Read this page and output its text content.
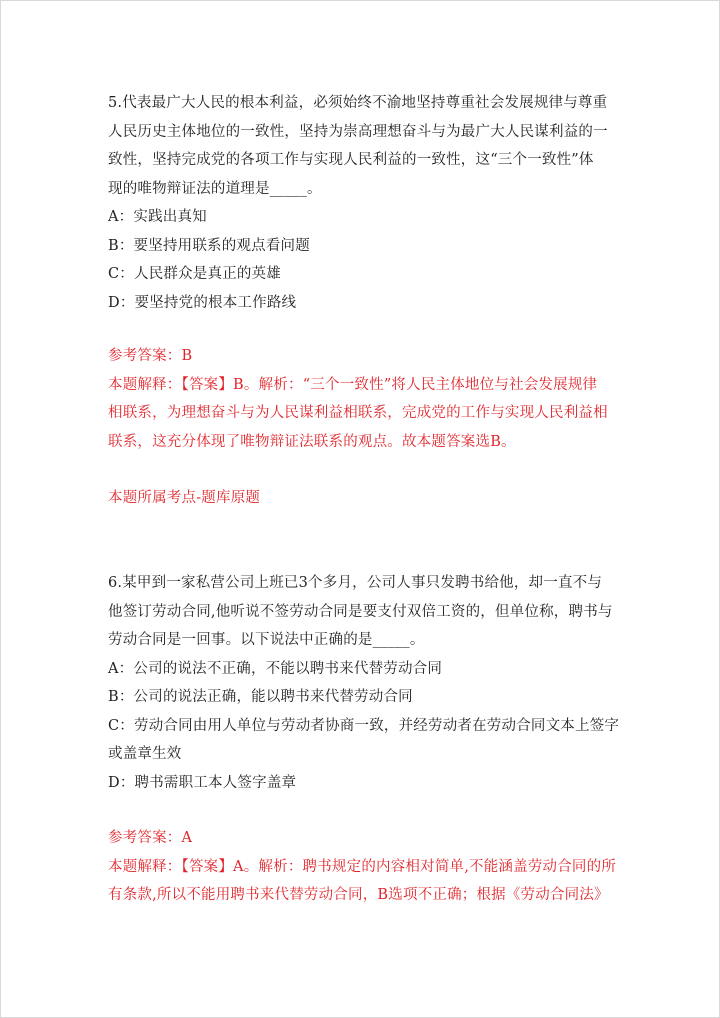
5.代表最广大人民的根本利益，必须始终不渝地坚持尊重社会发展规律与尊重
人民历史主体地位的一致性，坚持为崇高理想奋斗与为最广大人民谋利益的一
致性，坚持完成党的各项工作与实现人民利益的一致性，这“三个一致性”体
现的唯物辩证法的道理是_____。
A：实践出真知
B：要坚持用联系的观点看问题
C：人民群众是真正的英雄
D：要坚持党的根本工作路线
参考答案：B
本题解释：【答案】B。解析：“三个一致性”将人民主体地位与社会发展规律
相联系，为理想奋斗与为人民谋利益相联系，完成党的工作与实现人民利益相
联系，这充分体现了唯物辩证法联系的观点。故本题答案选B。
本题所属考点-题库原题
6.某甲到一家私营公司上班已3个多月，公司人事只发聘书给他，却一直不与
他签订劳动合同,他听说不签劳动合同是要支付双倍工资的，但单位称，聘书与
劳动合同是一回事。以下说法中正确的是_____。
A：公司的说法不正确，不能以聘书来代替劳动合同
B：公司的说法正确，能以聘书来代替劳动合同
C：劳动合同由用人单位与劳动者协商一致，并经劳动者在劳动合同文本上签字
或盖章生效
D：聘书需职工本人签字盖章
参考答案：A
本题解释：【答案】A。解析：聘书规定的内容相对简单,不能涵盖劳动合同的所
有条款,所以不能用聘书来代替劳动合同，B选项不正确；根据《劳动合同法》
